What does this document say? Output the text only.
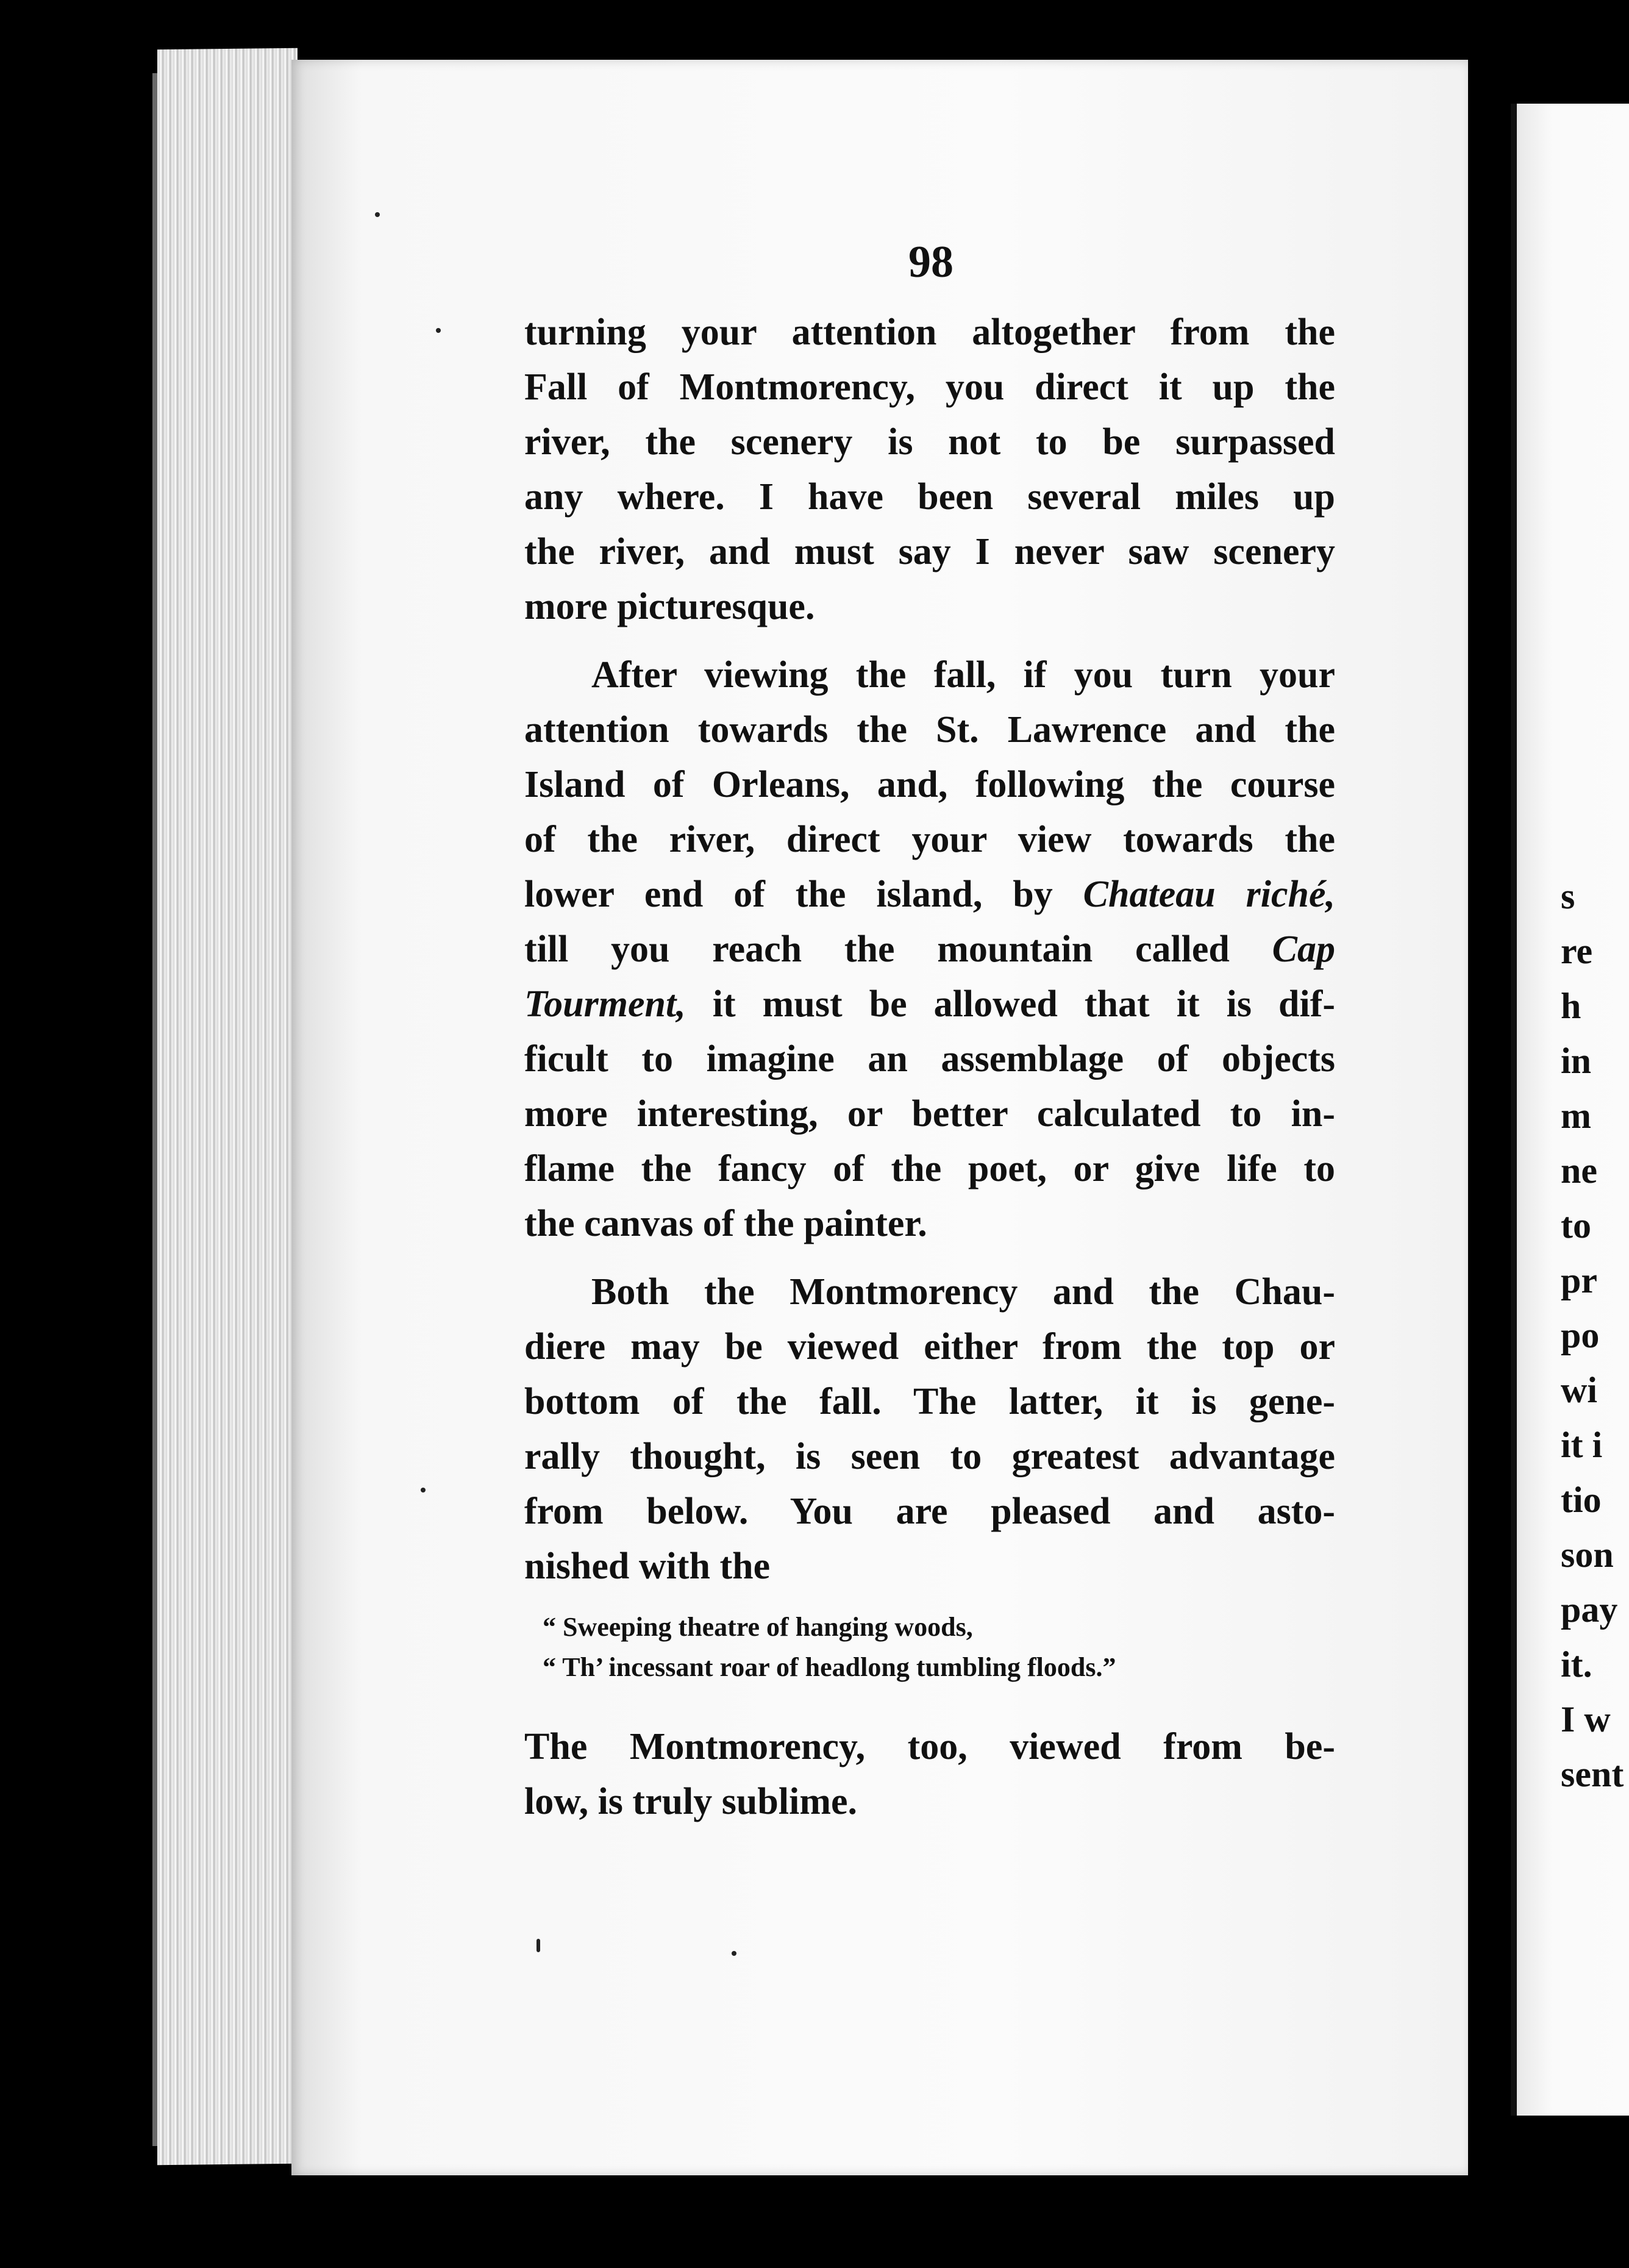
98
turning your attention altogether from the
Fall of Montmorency, you direct it up the
river, the scenery is not to be surpassed
any where. I have been several miles up
the river, and must say I never saw scenery
more picturesque.
After viewing the fall, if you turn your
attention towards the St. Lawrence and the
Island of Orleans, and, following the course
of the river, direct your view towards the
lower end of the island, by Chateau riché,
till you reach the mountain called Cap
Tourment, it must be allowed that it is dif-
ficult to imagine an assemblage of objects
more interesting, or better calculated to in-
flame the fancy of the poet, or give life to
the canvas of the painter.
Both the Montmorency and the Chau-
diere may be viewed either from the top or
bottom of the fall. The latter, it is gene-
rally thought, is seen to greatest advantage
from below. You are pleased and asto-
nished with the
“ Sweeping theatre of hanging woods,
“ Th’ incessant roar of headlong tumbling floods.”
The Montmorency, too, viewed from be-
low, is truly sublime.
s
re
h
in
m
ne
to
pr
po
wi
it i
tio
son
pay
it.
I w
sent
